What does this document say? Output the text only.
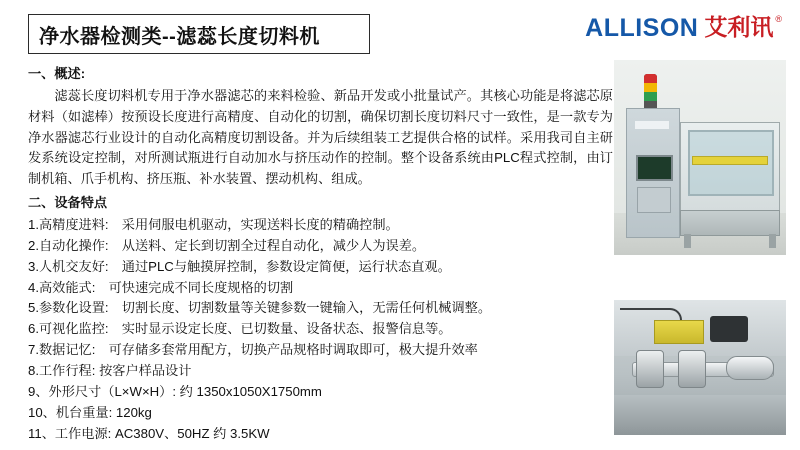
净水器检测类--滤蕊长度切料机	ALLISON 艾利讯 ®

一、概述:

滤蕊长度切料机专用于净水器滤芯的来料检验、新品开发或小批量试产。其核心功能是将滤芯原材料（如滤棒）按预设长度进行高精度、自动化的切割，确保切割长度切料尺寸一致性，是一款专为净水器滤芯行业设计的自动化高精度切割设备。并为后续组装工艺提供合格的试样。采用我司自主研发系统设定控制，对所测试瓶进行自动加水与挤压动作的控制。整个设备系统由PLC程式控制，由订制机箱、爪手机构、挤压瓶、补水装置、摆动机构、组成。

二、设备特点

1.高精度进料:　采用伺服电机驱动，实现送料长度的精确控制。

2.自动化操作:　从送料、定长到切割全过程自动化，减少人为误差。

3.人机交友好:　通过PLC与触摸屏控制，参数设定简便，运行状态直观。

4.高效能式:　可快速完成不同长度规格的切割

5.参数化设置:　切割长度、切割数量等关键参数一键输入，无需任何机械调整。

6.可视化监控:　实时显示设定长度、已切数量、设备状态、报警信息等。

7.数据记忆:　可存储多套常用配方，切换产品规格时调取即可，极大提升效率

8.工作行程: 按客户样品设计

9、外形尺寸（L×W×H）: 约 1350x1050X1750mm

10、机台重量: 120kg

11、工作电源: AC380V、50HZ 约 3.5KW
